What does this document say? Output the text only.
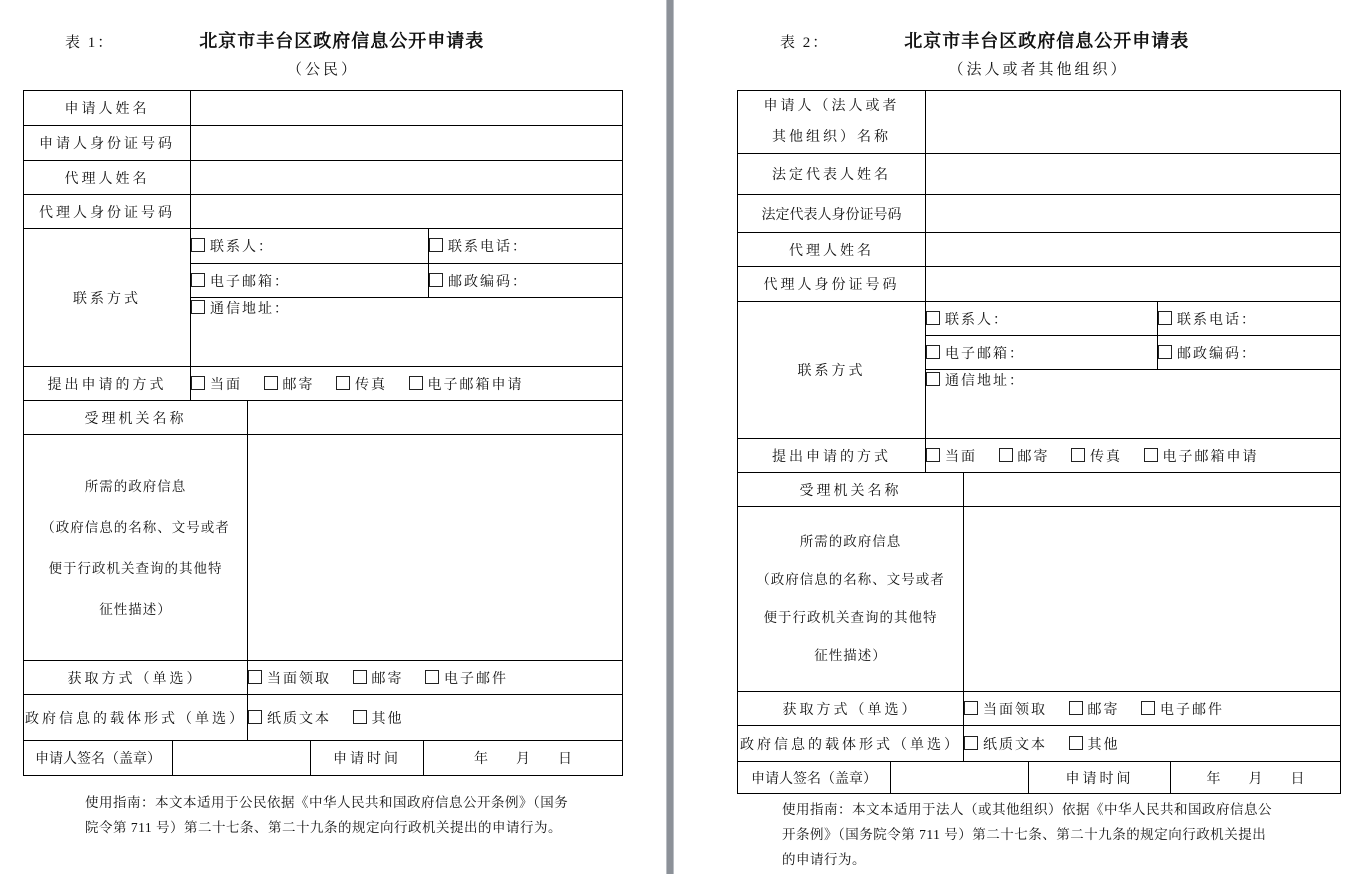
表 1：	北京市丰台区政府信息公开申请表
（公民）
申请人姓名						
申请人身份证号码						
代理人姓名						
代理人身份证号码						
联系方式		联系人：				联系电话：
		电子邮箱：				邮政编码：
		通信地址：				
提出申请的方式		当面 邮寄 传真 电子邮箱申请				
受理机关名称						

所需的政府信息
（政府信息的名称、文号或者
便于行政机关查询的其他特
征性描述）						

获取方式（单选）			当面领取 邮寄 电子邮件			
政府信息的载体形式（单选）			纸质文本 其他			
申请人签名（盖章）				申请时间	年　　月　　日	
使用指南：本文本适用于公民依据《中华人民共和国政府信息公开条例》（国务
院令第 711 号）第二十七条、第二十九条的规定向行政机关提出的申请行为。
表 2：	北京市丰台区政府信息公开申请表
（法人或者其他组织）
申请人（法人或者
其他组织）名称						

法定代表人姓名						
法定代表人身份证号码						
代理人姓名						
代理人身份证号码						
联系方式		联系人：			联系电话：	
		电子邮箱：			邮政编码：	
		通信地址：				
提出申请的方式		当面 邮寄 传真 电子邮箱申请				
受理机关名称						

所需的政府信息
（政府信息的名称、文号或者
便于行政机关查询的其他特
征性描述）						

获取方式（单选）			当面领取 邮寄 电子邮件			
政府信息的载体形式（单选）			纸质文本 其他			
申请人签名（盖章）				申请时间		年　　月　　日
使用指南：本文本适用于法人（或其他组织）依据《中华人民共和国政府信息公
开条例》（国务院令第 711 号）第二十七条、第二十九条的规定向行政机关提出
的申请行为。
